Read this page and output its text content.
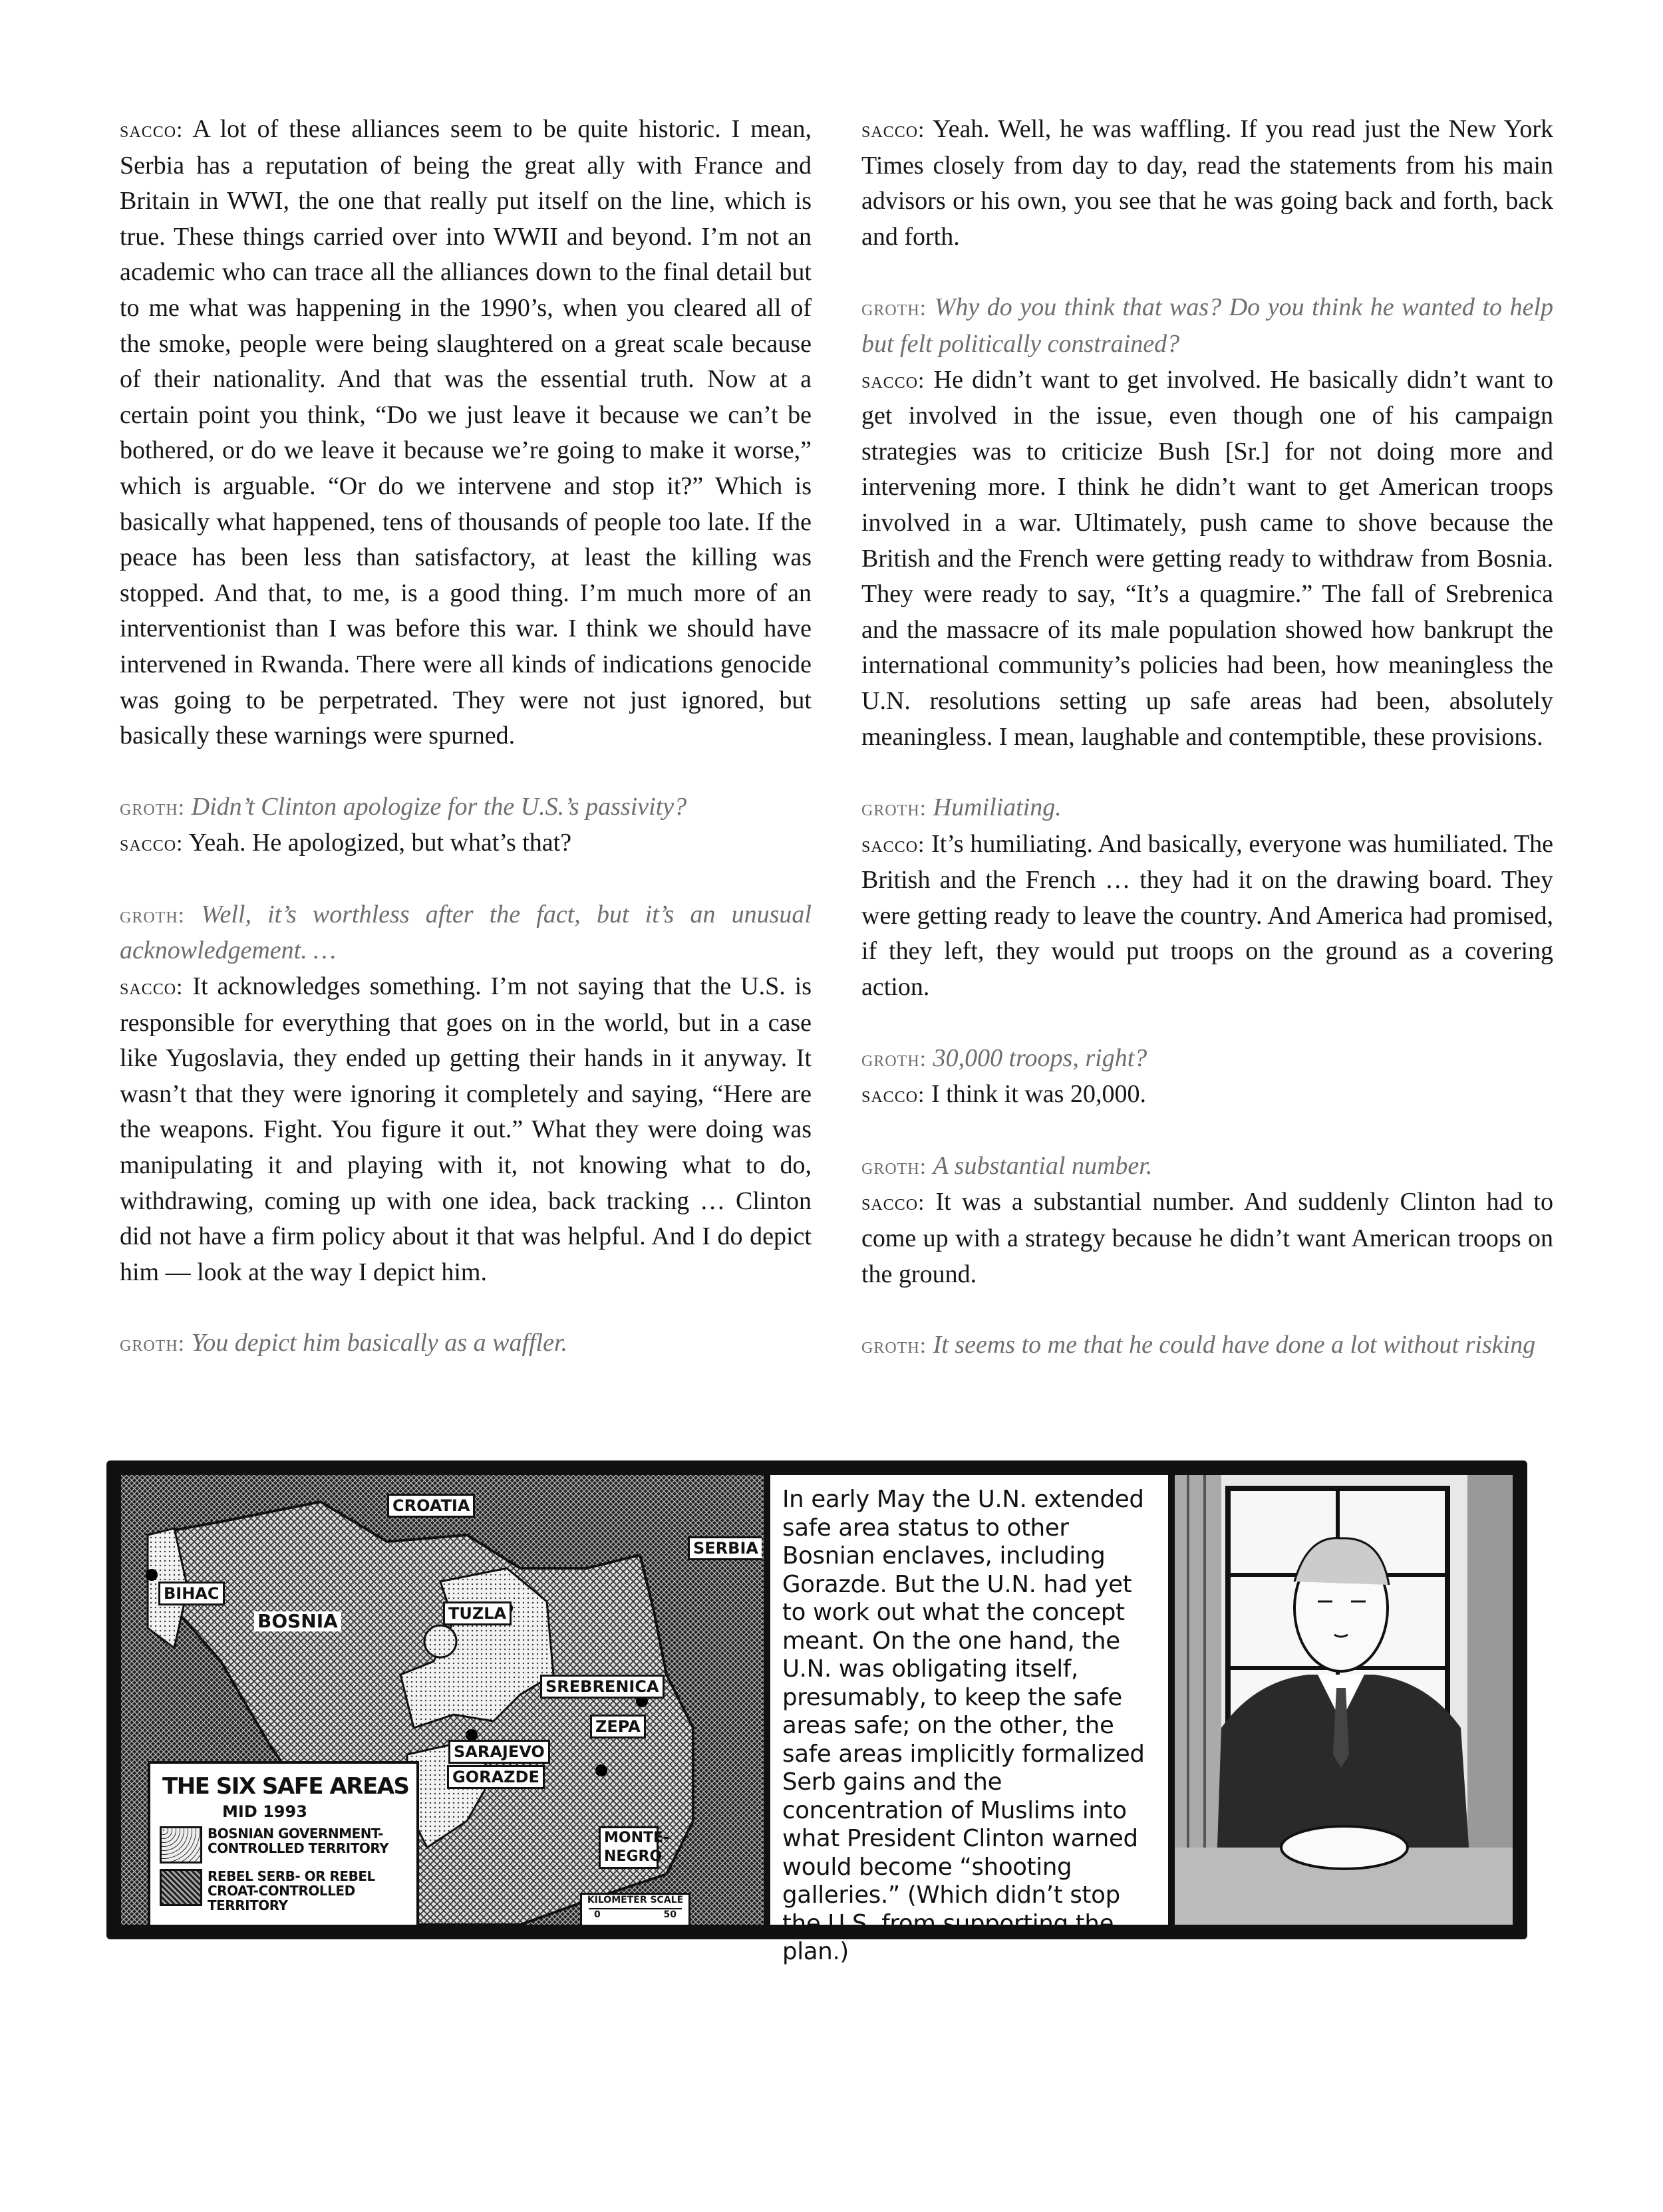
sacco: A lot of these alliances seem to be quite historic. I mean, Serbia has a reputation of being the great ally with France and Britain in WWI, the one that really put itself on the line, which is true. These things carried over into WWII and beyond. I’m not an academic who can trace all the alliances down to the final detail but to me what was happening in the 1990’s, when you cleared all of the smoke, people were being slaughtered on a great scale because of their nationality. And that was the essential truth. Now at a certain point you think, “Do we just leave it because we can’t be bothered, or do we leave it because we’re going to make it worse,” which is arguable. “Or do we intervene and stop it?” Which is basically what happened, tens of thousands of people too late. If the peace has been less than satisfactory, at least the killing was stopped. And that, to me, is a good thing. I’m much more of an interventionist than I was before this war. I think we should have intervened in Rwanda. There were all kinds of indications genocide was going to be perpetrated. They were not just ignored, but basically these warnings were spurned.

groth: Didn’t Clinton apologize for the U.S.’s passivity?

sacco: Yeah. He apologized, but what’s that?

groth: Well, it’s worthless after the fact, but it’s an unusual acknowledgement. …

sacco: It acknowledges something. I’m not saying that the U.S. is responsible for everything that goes on in the world, but in a case like Yugoslavia, they ended up getting their hands in it anyway. It wasn’t that they were ignoring it completely and saying, “Here are the weapons. Fight. You figure it out.” What they were doing was manipulating it and playing with it, not knowing what to do, withdrawing, coming up with one idea, back tracking … Clinton did not have a firm policy about it that was helpful. And I do depict him — look at the way I depict him.

groth: You depict him basically as a waffler.

sacco: Yeah. Well, he was waffling. If you read just the New York Times closely from day to day, read the statements from his main advisors or his own, you see that he was going back and forth, back and forth.

groth: Why do you think that was? Do you think he wanted to help but felt politically constrained?

sacco: He didn’t want to get involved. He basically didn’t want to get involved in the issue, even though one of his campaign strategies was to criticize Bush [Sr.] for not doing more and intervening more. I think he didn’t want to get American troops involved in a war. Ultimately, push came to shove because the British and the French were getting ready to withdraw from Bosnia. They were ready to say, “It’s a quagmire.” The fall of Srebrenica and the massacre of its male population showed how bankrupt the international community’s policies had been, how meaningless the U.N. resolutions setting up safe areas had been, absolutely meaningless. I mean, laughable and contemptible, these provisions.

groth: Humiliating.

sacco: It’s humiliating. And basically, everyone was humiliated. The British and the French … they had it on the drawing board. They were getting ready to leave the country. And America had promised, if they left, they would put troops on the ground as a covering action.

groth: 30,000 troops, right?

sacco: I think it was 20,000.

groth: A substantial number.

sacco: It was a substantial number. And suddenly Clinton had to come up with a strategy because he didn’t want American troops on the ground.

groth: It seems to me that he could have done a lot without risking

CROATIA
SERBIA
BOSNIA
MONTE-NEGRO
BIHAC
TUZLA
SREBRENICA
ZEPA
SARAJEVO
GORAZDE
THE SIX SAFE AREAS
MID 1993
BOSNIAN GOVERNMENT-CONTROLLED TERRITORY
REBEL SERB- OR REBEL CROAT-CONTROLLED TERRITORY	KILOMETER SCALE
0	50

In early May the U.N. extended safe area status to other Bosnian enclaves, including Gorazde. But the U.N. had yet to work out what the concept meant. On the one hand, the U.N. was obligating itself, presumably, to keep the safe areas safe; on the other, the safe areas implicitly formalized Serb gains and the concentration of Muslims into what President Clinton warned would become “shooting galleries.” (Which didn’t stop the U.S. from supporting the plan.)
